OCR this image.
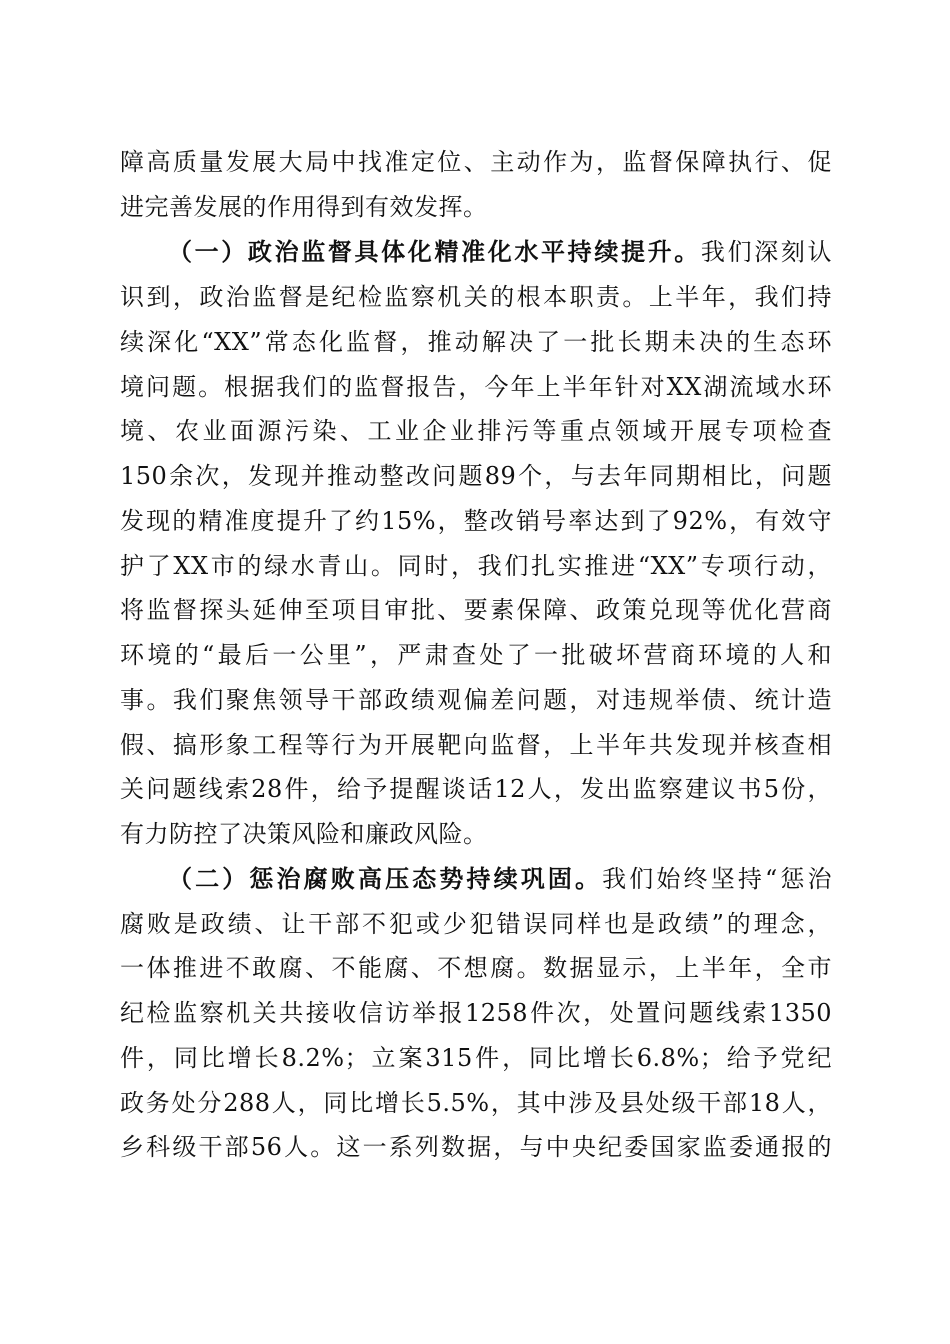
障高质量发展大局中找准定位、主动作为，监督保障执行、促
进完善发展的作用得到有效发挥。
（一）政治监督具体化精准化水平持续提升。我们深刻认
识到，政治监督是纪检监察机关的根本职责。上半年，我们持
续深化“XX”常态化监督，推动解决了一批长期未决的生态环
境问题。根据我们的监督报告，今年上半年针对XX湖流域水环
境、农业面源污染、工业企业排污等重点领域开展专项检查
150余次，发现并推动整改问题89个，与去年同期相比，问题
发现的精准度提升了约15%，整改销号率达到了92%，有效守
护了XX市的绿水青山。同时，我们扎实推进“XX”专项行动，
将监督探头延伸至项目审批、要素保障、政策兑现等优化营商
环境的“最后一公里”，严肃查处了一批破坏营商环境的人和
事。我们聚焦领导干部政绩观偏差问题，对违规举债、统计造
假、搞形象工程等行为开展靶向监督，上半年共发现并核查相
关问题线索28件，给予提醒谈话12人，发出监察建议书5份，
有力防控了决策风险和廉政风险。
（二）惩治腐败高压态势持续巩固。我们始终坚持“惩治
腐败是政绩、让干部不犯或少犯错误同样也是政绩”的理念，
一体推进不敢腐、不能腐、不想腐。数据显示，上半年，全市
纪检监察机关共接收信访举报1258件次，处置问题线索1350
件，同比增长8.2%；立案315件，同比增长6.8%；给予党纪
政务处分288人，同比增长5.5%，其中涉及县处级干部18人，
乡科级干部56人。这一系列数据，与中央纪委国家监委通报的
